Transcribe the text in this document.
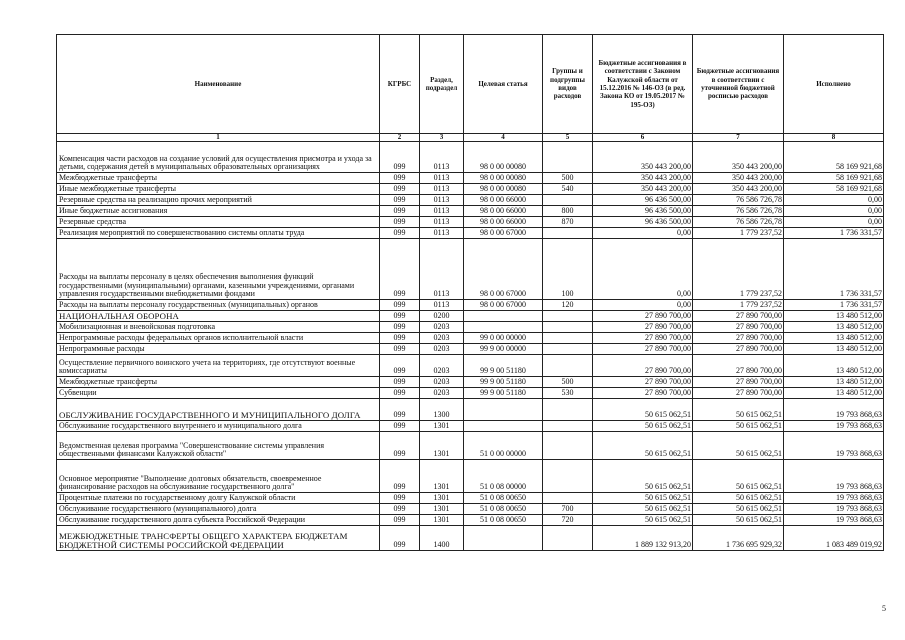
Наименование	КГРБС	Раздел, подраздел	Целевая статья	Группы и подгруппы видов расходов	Бюджетные ассигнования в соответствии с Законом Калужской области от 15.12.2016 № 146-ОЗ (в ред. Закона КО от 19.05.2017 № 195-ОЗ)	Бюджетные ассигнования в соответствии с уточненной бюджетной росписью расходов	Исполнено
1	2	3	4	5	6	7	8
Компенсация части расходов на создание условий для осуществления присмотра и ухода за детьми, содержания детей в муниципальных образовательных организациях	099	0113	98 0 00 00080		350 443 200,00	350 443 200,00	58 169 921,68
Межбюджетные трансферты	099	0113	98 0 00 00080	500	350 443 200,00	350 443 200,00	58 169 921,68
Иные межбюджетные трансферты	099	0113	98 0 00 00080	540	350 443 200,00	350 443 200,00	58 169 921,68
Резервные средства на реализацию прочих мероприятий	099	0113	98 0 00 66000		96 436 500,00	76 586 726,78	0,00
Иные бюджетные ассигнования	099	0113	98 0 00 66000	800	96 436 500,00	76 586 726,78	0,00
Резервные средства	099	0113	98 0 00 66000	870	96 436 500,00	76 586 726,78	0,00
Реализация мероприятий по совершенствованию системы оплаты труда	099	0113	98 0 00 67000		0,00	1 779 237,52	1 736 331,57
Расходы на выплаты персоналу в целях обеспечения выполнения функций государственными (муниципальными) органами, казенными учреждениями, органами управления государственными внебюджетными фондами	099	0113	98 0 00 67000	100	0,00	1 779 237,52	1 736 331,57
Расходы на выплаты персоналу государственных (муниципальных) органов	099	0113	98 0 00 67000	120	0,00	1 779 237,52	1 736 331,57
НАЦИОНАЛЬНАЯ ОБОРОНА	099	0200			27 890 700,00	27 890 700,00	13 480 512,00
Мобилизационная и вневойсковая подготовка	099	0203			27 890 700,00	27 890 700,00	13 480 512,00
Непрограммные расходы федеральных органов исполнительной власти	099	0203	99 0 00 00000		27 890 700,00	27 890 700,00	13 480 512,00
Непрограммные расходы	099	0203	99 9 00 00000		27 890 700,00	27 890 700,00	13 480 512,00
Осуществление первичного воинского учета на территориях, где отсутствуют военные комиссариаты	099	0203	99 9 00 51180		27 890 700,00	27 890 700,00	13 480 512,00
Межбюджетные трансферты	099	0203	99 9 00 51180	500	27 890 700,00	27 890 700,00	13 480 512,00
Субвенции	099	0203	99 9 00 51180	530	27 890 700,00	27 890 700,00	13 480 512,00
ОБСЛУЖИВАНИЕ ГОСУДАРСТВЕННОГО И МУНИЦИПАЛЬНОГО ДОЛГА	099	1300			50 615 062,51	50 615 062,51	19 793 868,63
Обслуживание государственного внутреннего и муниципального долга	099	1301			50 615 062,51	50 615 062,51	19 793 868,63
Ведомственная целевая программа "Совершенствование системы управления общественными финансами Калужской области"	099	1301	51 0 00 00000		50 615 062,51	50 615 062,51	19 793 868,63
Основное мероприятие "Выполнение долговых обязательств, своевременное финансирование расходов на обслуживание государственного долга"	099	1301	51 0 08 00000		50 615 062,51	50 615 062,51	19 793 868,63
Процентные платежи по государственному долгу Калужской области	099	1301	51 0 08 00650		50 615 062,51	50 615 062,51	19 793 868,63
Обслуживание государственного (муниципального) долга	099	1301	51 0 08 00650	700	50 615 062,51	50 615 062,51	19 793 868,63
Обслуживание государственного долга субъекта Российской Федерации	099	1301	51 0 08 00650	720	50 615 062,51	50 615 062,51	19 793 868,63
МЕЖБЮДЖЕТНЫЕ ТРАНСФЕРТЫ ОБЩЕГО ХАРАКТЕРА БЮДЖЕТАМ БЮДЖЕТНОЙ СИСТЕМЫ РОССИЙСКОЙ ФЕДЕРАЦИИ	099	1400			1 889 132 913,20	1 736 695 929,32	1 083 489 019,92
5
